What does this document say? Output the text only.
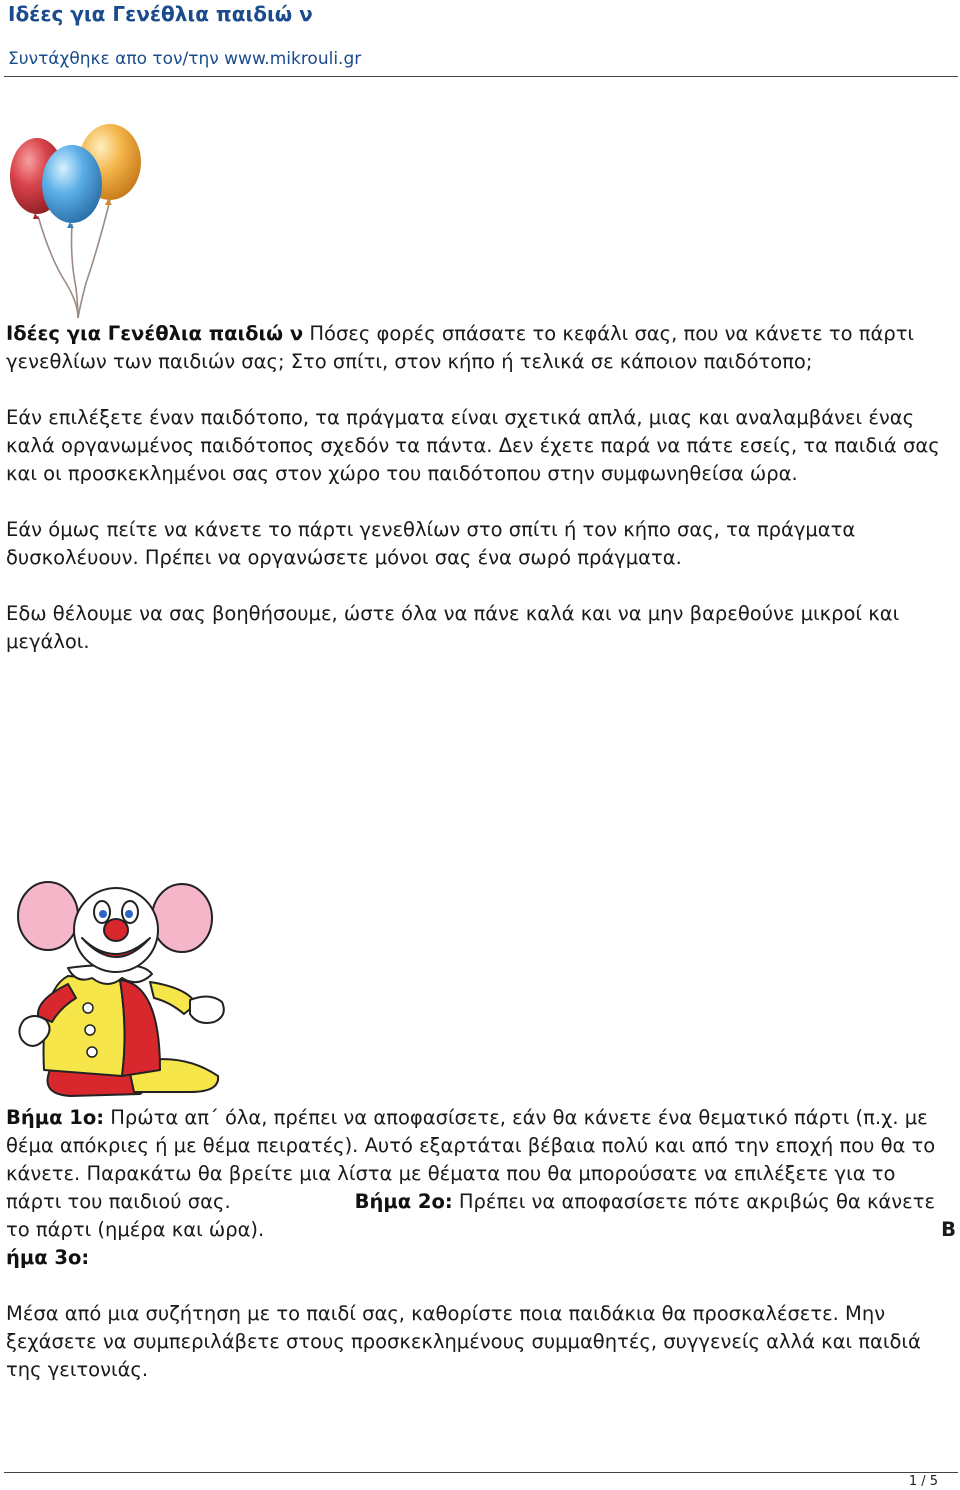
Ιδέες για Γενέθλια παιδιώ ν
Συντάχθηκε απο τον/την www.mikrouli.gr

Ιδέες για Γενέθλια παιδιώ ν Πόσες φορές σπάσατε το κεφάλι σας, που να κάνετε το πάρτι γενεθλίων των παιδιών σας; Στο σπίτι, στον κήπο ή τελικά σε κάποιον παιδότοπο;

Εάν επιλέξετε έναν παιδότοπο, τα πράγματα είναι σχετικά απλά, μιας και αναλαμβάνει ένας καλά οργανωμένος παιδότοπος σχεδόν τα πάντα. Δεν έχετε παρά να πάτε εσείς, τα παιδιά σας και οι προσκεκλημένοι σας στον χώρο του παιδότοπου στην συμφωνηθείσα ώρα.

Εάν όμως πείτε να κάνετε το πάρτι γενεθλίων στο σπίτι ή τον κήπο σας, τα πράγματα δυσκολέυουν. Πρέπει να οργανώσετε μόνοι σας ένα σωρό πράγματα.

Εδω θέλουμε να σας βοηθήσουμε, ώστε όλα να πάνε καλά και να μην βαρεθούνε μικροί και μεγάλοι.

Βήμα 1ο: Πρώτα απ΄ όλα, πρέπει να αποφασίσετε, εάν θα κάνετε ένα θεματικό πάρτι (π.χ. με θέμα απόκριες ή με θέμα πειρατές). Αυτό εξαρτάται βέβαια πολύ και από την εποχή που θα το κάνετε. Παρακάτω θα βρείτε μια λίστα με θέματα που θα μπορούσατε να επιλέξετε για το πάρτι του παιδιού σας.	Βήμα 2ο: Πρέπει να αποφασίσετε πότε ακριβώς θα κάνετε το πάρτι (ημέρα και ώρα).	Β

ήμα 3ο:

Μέσα από μια συζήτηση με το παιδί σας, καθορίστε ποια παιδάκια θα προσκαλέσετε. Μην ξεχάσετε να συμπεριλάβετε στους προσκεκλημένους συμμαθητές, συγγενείς αλλά και παιδιά της γειτονιάς.

1 / 5
